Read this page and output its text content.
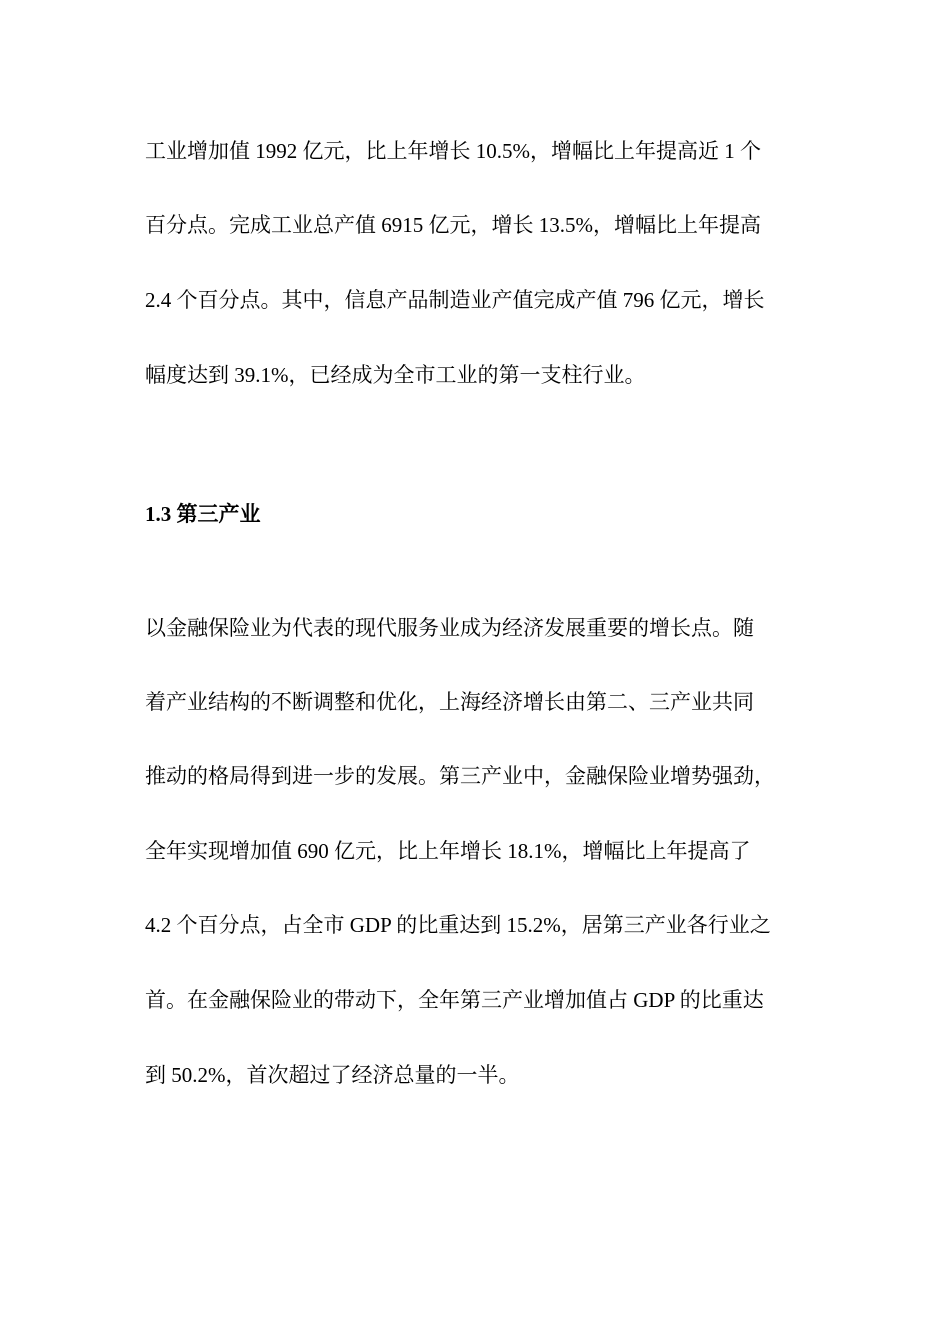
工业增加值 1992 亿元，比上年增长 10.5%，增幅比上年提高近 1 个
百分点。完成工业总产值 6915 亿元，增长 13.5%，增幅比上年提高
2.4 个百分点。其中，信息产品制造业产值完成产值 796 亿元，增长
幅度达到 39.1%，已经成为全市工业的第一支柱行业。
1.3 第三产业
以金融保险业为代表的现代服务业成为经济发展重要的增长点。随
着产业结构的不断调整和优化，上海经济增长由第二、三产业共同
推动的格局得到进一步的发展。第三产业中，金融保险业增势强劲，
全年实现增加值 690 亿元，比上年增长 18.1%，增幅比上年提高了
4.2 个百分点，占全市 GDP 的比重达到 15.2%，居第三产业各行业之
首。在金融保险业的带动下，全年第三产业增加值占 GDP 的比重达
到 50.2%，首次超过了经济总量的一半。
